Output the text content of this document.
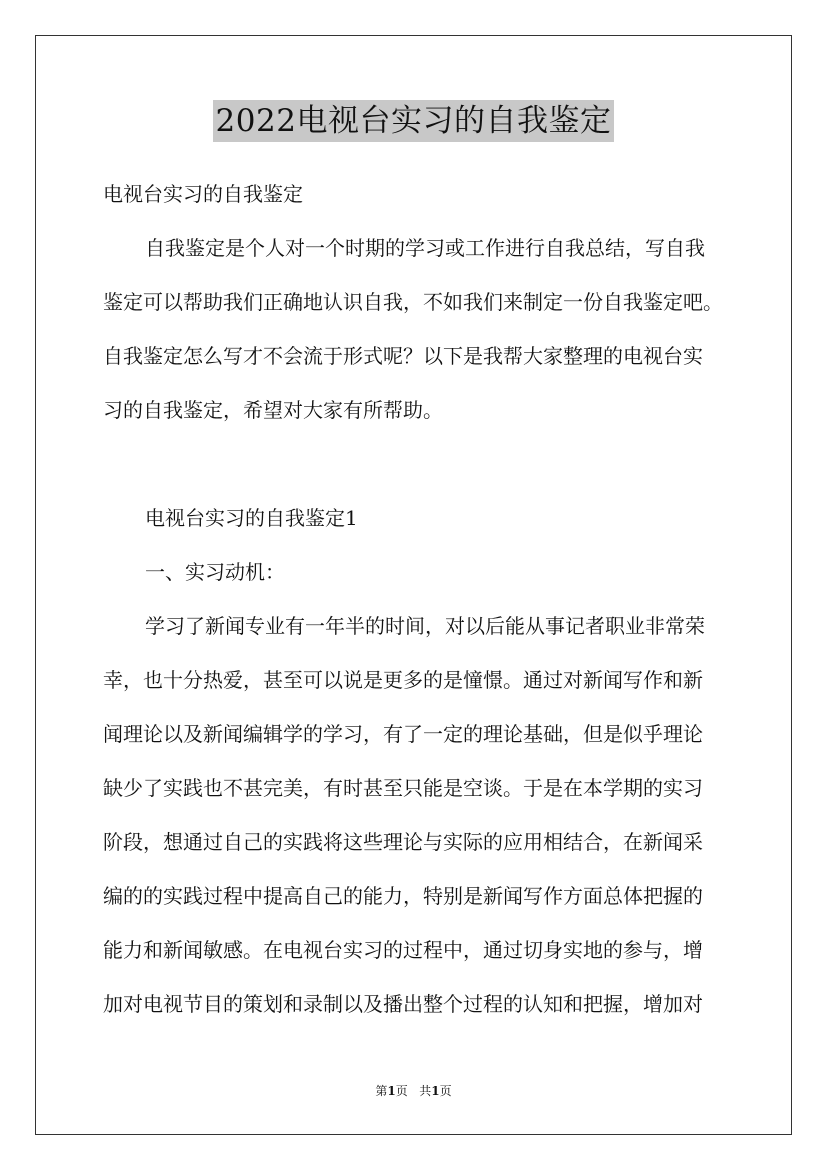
2022电视台实习的自我鉴定
电视台实习的自我鉴定
自我鉴定是个人对一个时期的学习或工作进行自我总结，写自我
鉴定可以帮助我们正确地认识自我，不如我们来制定一份自我鉴定吧。
自我鉴定怎么写才不会流于形式呢？以下是我帮大家整理的电视台实
习的自我鉴定，希望对大家有所帮助。
电视台实习的自我鉴定1
一、实习动机：
学习了新闻专业有一年半的时间，对以后能从事记者职业非常荣
幸，也十分热爱，甚至可以说是更多的是憧憬。通过对新闻写作和新
闻理论以及新闻编辑学的学习，有了一定的理论基础，但是似乎理论
缺少了实践也不甚完美，有时甚至只能是空谈。于是在本学期的实习
阶段，想通过自己的实践将这些理论与实际的应用相结合，在新闻采
编的的实践过程中提高自己的能力，特别是新闻写作方面总体把握的
能力和新闻敏感。在电视台实习的过程中，通过切身实地的参与，增
加对电视节目的策划和录制以及播出整个过程的认知和把握，增加对
第1页 共1页
